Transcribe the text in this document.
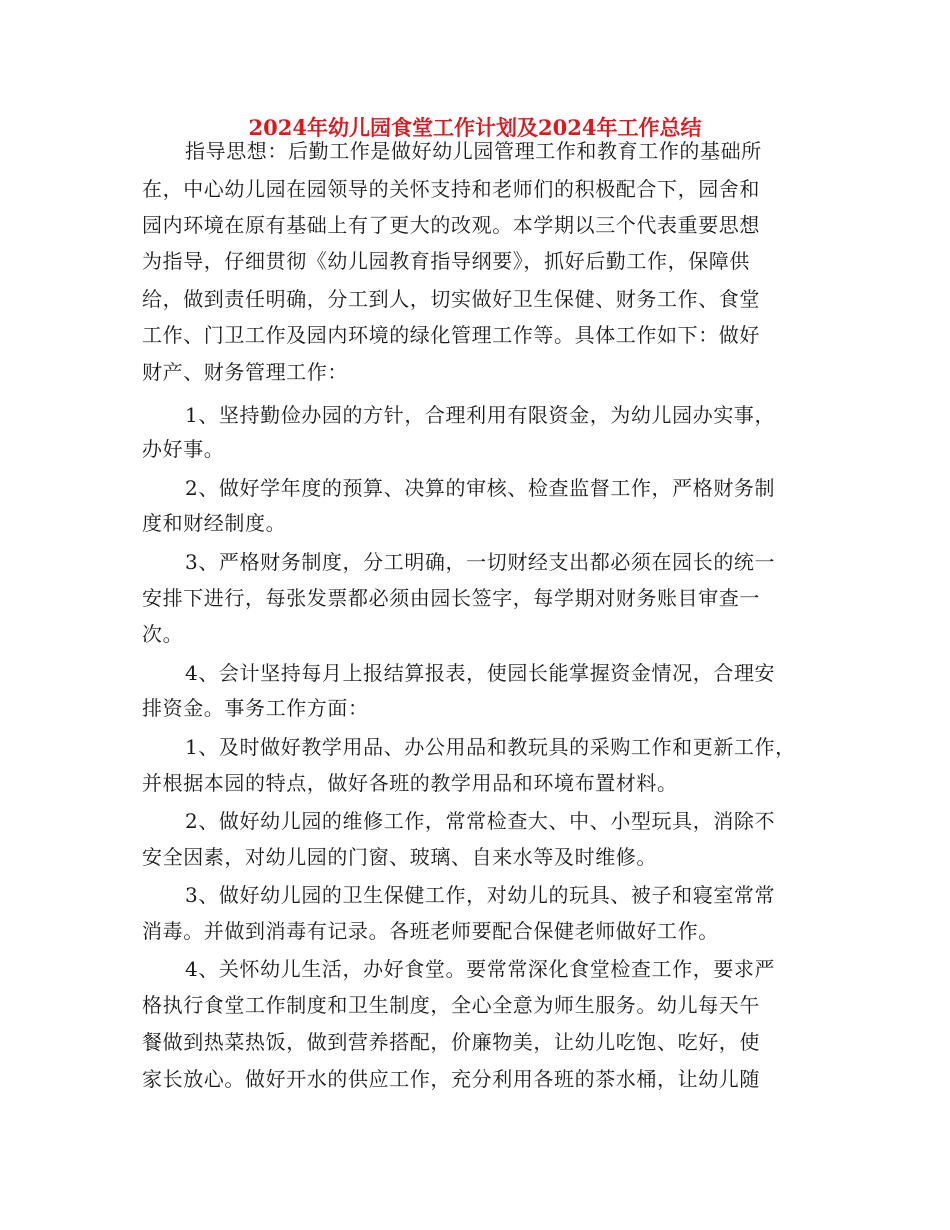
2024年幼儿园食堂工作计划及2024年工作总结
指导思想：后勤工作是做好幼儿园管理工作和教育工作的基础所
在，中心幼儿园在园领导的关怀支持和老师们的积极配合下，园舍和
园内环境在原有基础上有了更大的改观。本学期以三个代表重要思想
为指导，仔细贯彻《幼儿园教育指导纲要》，抓好后勤工作，保障供
给，做到责任明确，分工到人，切实做好卫生保健、财务工作、食堂
工作、门卫工作及园内环境的绿化管理工作等。具体工作如下：做好
财产、财务管理工作：
1、坚持勤俭办园的方针，合理利用有限资金，为幼儿园办实事，
办好事。
2、做好学年度的预算、决算的审核、检查监督工作，严格财务制
度和财经制度。
3、严格财务制度，分工明确，一切财经支出都必须在园长的统一
安排下进行，每张发票都必须由园长签字，每学期对财务账目审查一
次。
4、会计坚持每月上报结算报表，使园长能掌握资金情况，合理安
排资金。事务工作方面：
1、及时做好教学用品、办公用品和教玩具的采购工作和更新工作，
并根据本园的特点，做好各班的教学用品和环境布置材料。
2、做好幼儿园的维修工作，常常检查大、中、小型玩具，消除不
安全因素，对幼儿园的门窗、玻璃、自来水等及时维修。
3、做好幼儿园的卫生保健工作，对幼儿的玩具、被子和寝室常常
消毒。并做到消毒有记录。各班老师要配合保健老师做好工作。
4、关怀幼儿生活，办好食堂。要常常深化食堂检查工作，要求严
格执行食堂工作制度和卫生制度，全心全意为师生服务。幼儿每天午
餐做到热菜热饭，做到营养搭配，价廉物美，让幼儿吃饱、吃好，使
家长放心。做好开水的供应工作，充分利用各班的茶水桶，让幼儿随
